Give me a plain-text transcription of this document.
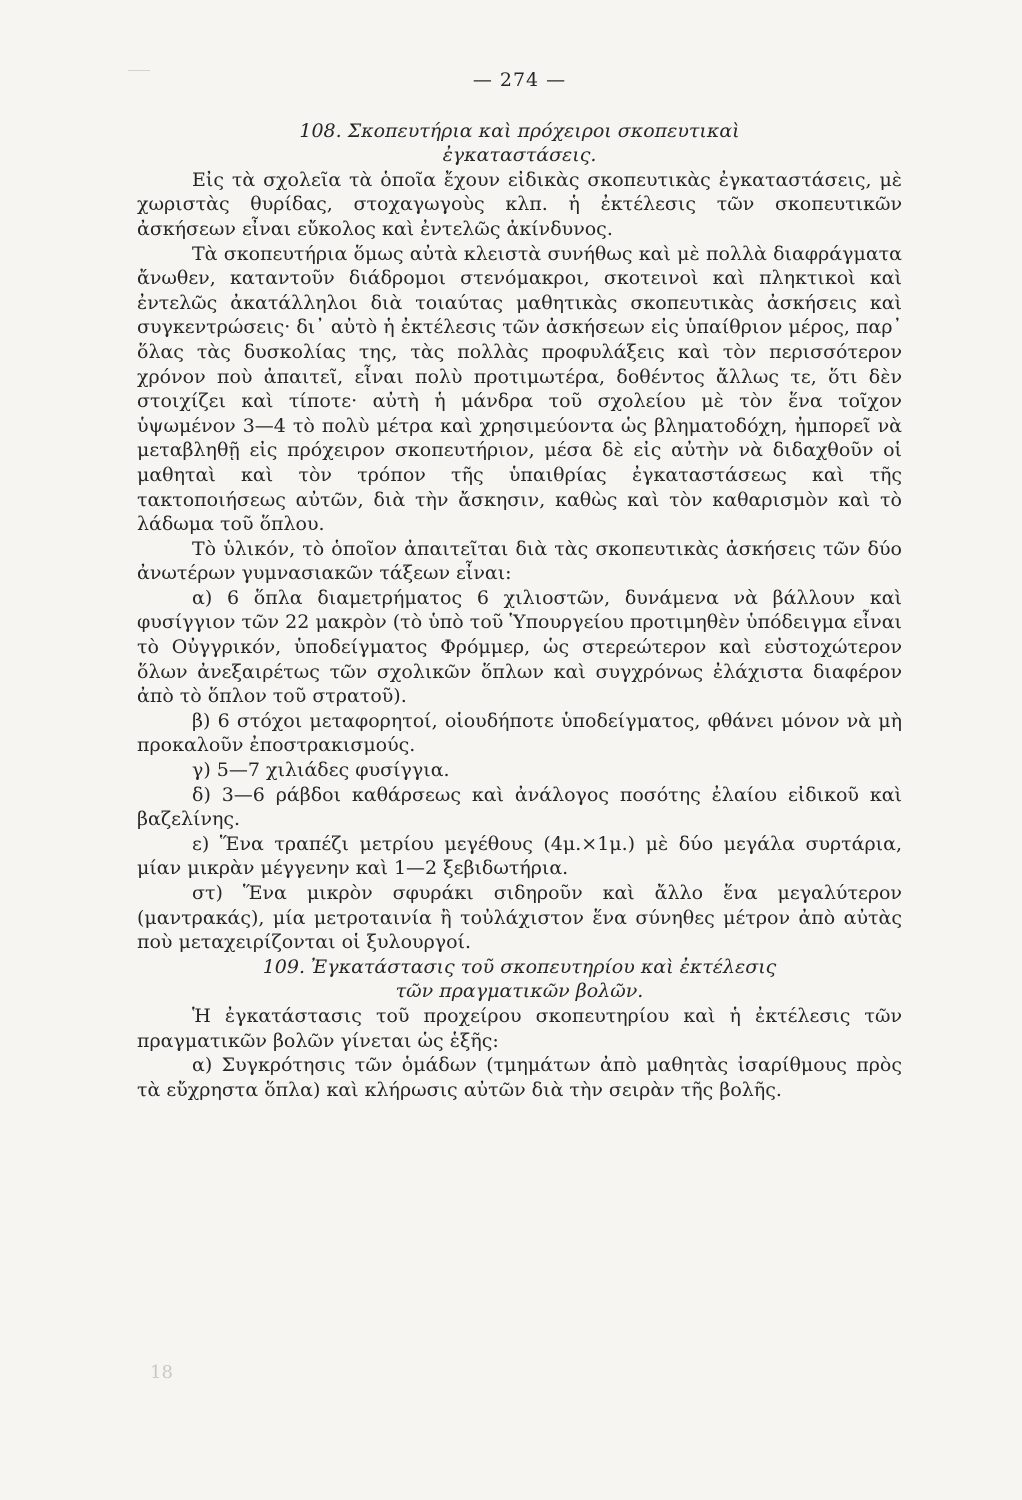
— 274 —

108. Σκοπευτήρια καὶ πρόχειροι σκοπευτικαὶ

ἐγκαταστάσεις.

Εἰς τὰ σχολεῖα τὰ ὁποῖα ἔχουν εἰδικὰς σκοπευτικὰς ἐγκαταστάσεις, μὲ χωριστὰς θυρίδας, στοχαγωγοὺς κλπ. ἡ ἐκτέλεσις τῶν σκοπευτικῶν ἀσκήσεων εἶναι εὔκολος καὶ ἐντελῶς ἀκίνδυνος.

Τὰ σκοπευτήρια ὅμως αὐτὰ κλειστὰ συνήθως καὶ μὲ πολλὰ διαφράγματα ἄνωθεν, καταντοῦν διάδρομοι στενόμακροι, σκοτεινοὶ καὶ πληκτικοὶ καὶ ἐντελῶς ἀκατάλληλοι διὰ τοιαύτας μαθητικὰς σκοπευτικὰς ἀσκήσεις καὶ συγκεντρώσεις· δι᾽ αὐτὸ ἡ ἐκτέλεσις τῶν ἀσκήσεων εἰς ὑπαίθριον μέρος, παρ᾽ ὅλας τὰς δυσκολίας της, τὰς πολλὰς προφυλάξεις καὶ τὸν περισσότερον χρόνον ποὺ ἀπαιτεῖ, εἶναι πολὺ προτιμωτέρα, δοθέντος ἄλλως τε, ὅτι δὲν στοιχίζει καὶ τίποτε· αὐτὴ ἡ μάνδρα τοῦ σχολείου μὲ τὸν ἕνα τοῖχον ὑψωμένον 3—4 τὸ πολὺ μέτρα καὶ χρησιμεύοντα ὡς βληματοδόχη, ἠμπορεῖ νὰ μεταβληθῇ εἰς πρόχειρον σκοπευτήριον, μέσα δὲ εἰς αὐτὴν νὰ διδαχθοῦν οἱ μαθηταὶ καὶ τὸν τρόπον τῆς ὑπαιθρίας ἐγκαταστάσεως καὶ τῆς τακτοποιήσεως αὐτῶν, διὰ τὴν ἄσκησιν, καθὼς καὶ τὸν καθαρισμὸν καὶ τὸ λάδωμα τοῦ ὅπλου.

Τὸ ὑλικόν, τὸ ὁποῖον ἀπαιτεῖται διὰ τὰς σκοπευτικὰς ἀσκήσεις τῶν δύο ἀνωτέρων γυμνασιακῶν τάξεων εἶναι:

α) 6 ὅπλα διαμετρήματος 6 χιλιοστῶν, δυνάμενα νὰ βάλλουν καὶ φυσίγγιον τῶν 22 μακρὸν (τὸ ὑπὸ τοῦ Ὑπουργείου προτιμηθὲν ὑπόδειγμα εἶναι τὸ Οὐγγρικόν, ὑποδείγματος Φρόμμερ, ὡς στερεώτερον καὶ εὐστοχώτερον ὅλων ἀνεξαιρέτως τῶν σχολικῶν ὅπλων καὶ συγχρόνως ἐλάχιστα διαφέρον ἀπὸ τὸ ὅπλον τοῦ στρατοῦ).

β) 6 στόχοι μεταφορητοί, οἱουδήποτε ὑποδείγματος, φθάνει μόνον νὰ μὴ προκαλοῦν ἐποστρακισμούς.

γ) 5—7 χιλιάδες φυσίγγια.

δ) 3—6 ράβδοι καθάρσεως καὶ ἀνάλογος ποσότης ἐλαίου εἰδικοῦ καὶ βαζελίνης.

ε) Ἕνα τραπέζι μετρίου μεγέθους (4μ.×1μ.) μὲ δύο μεγάλα συρτάρια, μίαν μικρὰν μέγγενην καὶ 1—2 ξεβιδωτήρια.

στ) Ἕνα μικρὸν σφυράκι σιδηροῦν καὶ ἄλλο ἕνα μεγαλύτερον (μαντρακάς), μία μετροταινία ἢ τοὐλάχιστον ἕνα σύνηθες μέτρον ἀπὸ αὐτὰς ποὺ μεταχειρίζονται οἱ ξυλουργοί.

109. Ἐγκατάστασις τοῦ σκοπευτηρίου καὶ ἐκτέλεσις

τῶν πραγματικῶν βολῶν.

Ἡ ἐγκατάστασις τοῦ προχείρου σκοπευτηρίου καὶ ἡ ἐκτέλεσις τῶν πραγματικῶν βολῶν γίνεται ὡς ἑξῆς:

α) Συγκρότησις τῶν ὁμάδων (τμημάτων ἀπὸ μαθητὰς ἰσαρίθμους πρὸς τὰ εὔχρηστα ὅπλα) καὶ κλήρωσις αὐτῶν διὰ τὴν σειρὰν τῆς βολῆς.

18
